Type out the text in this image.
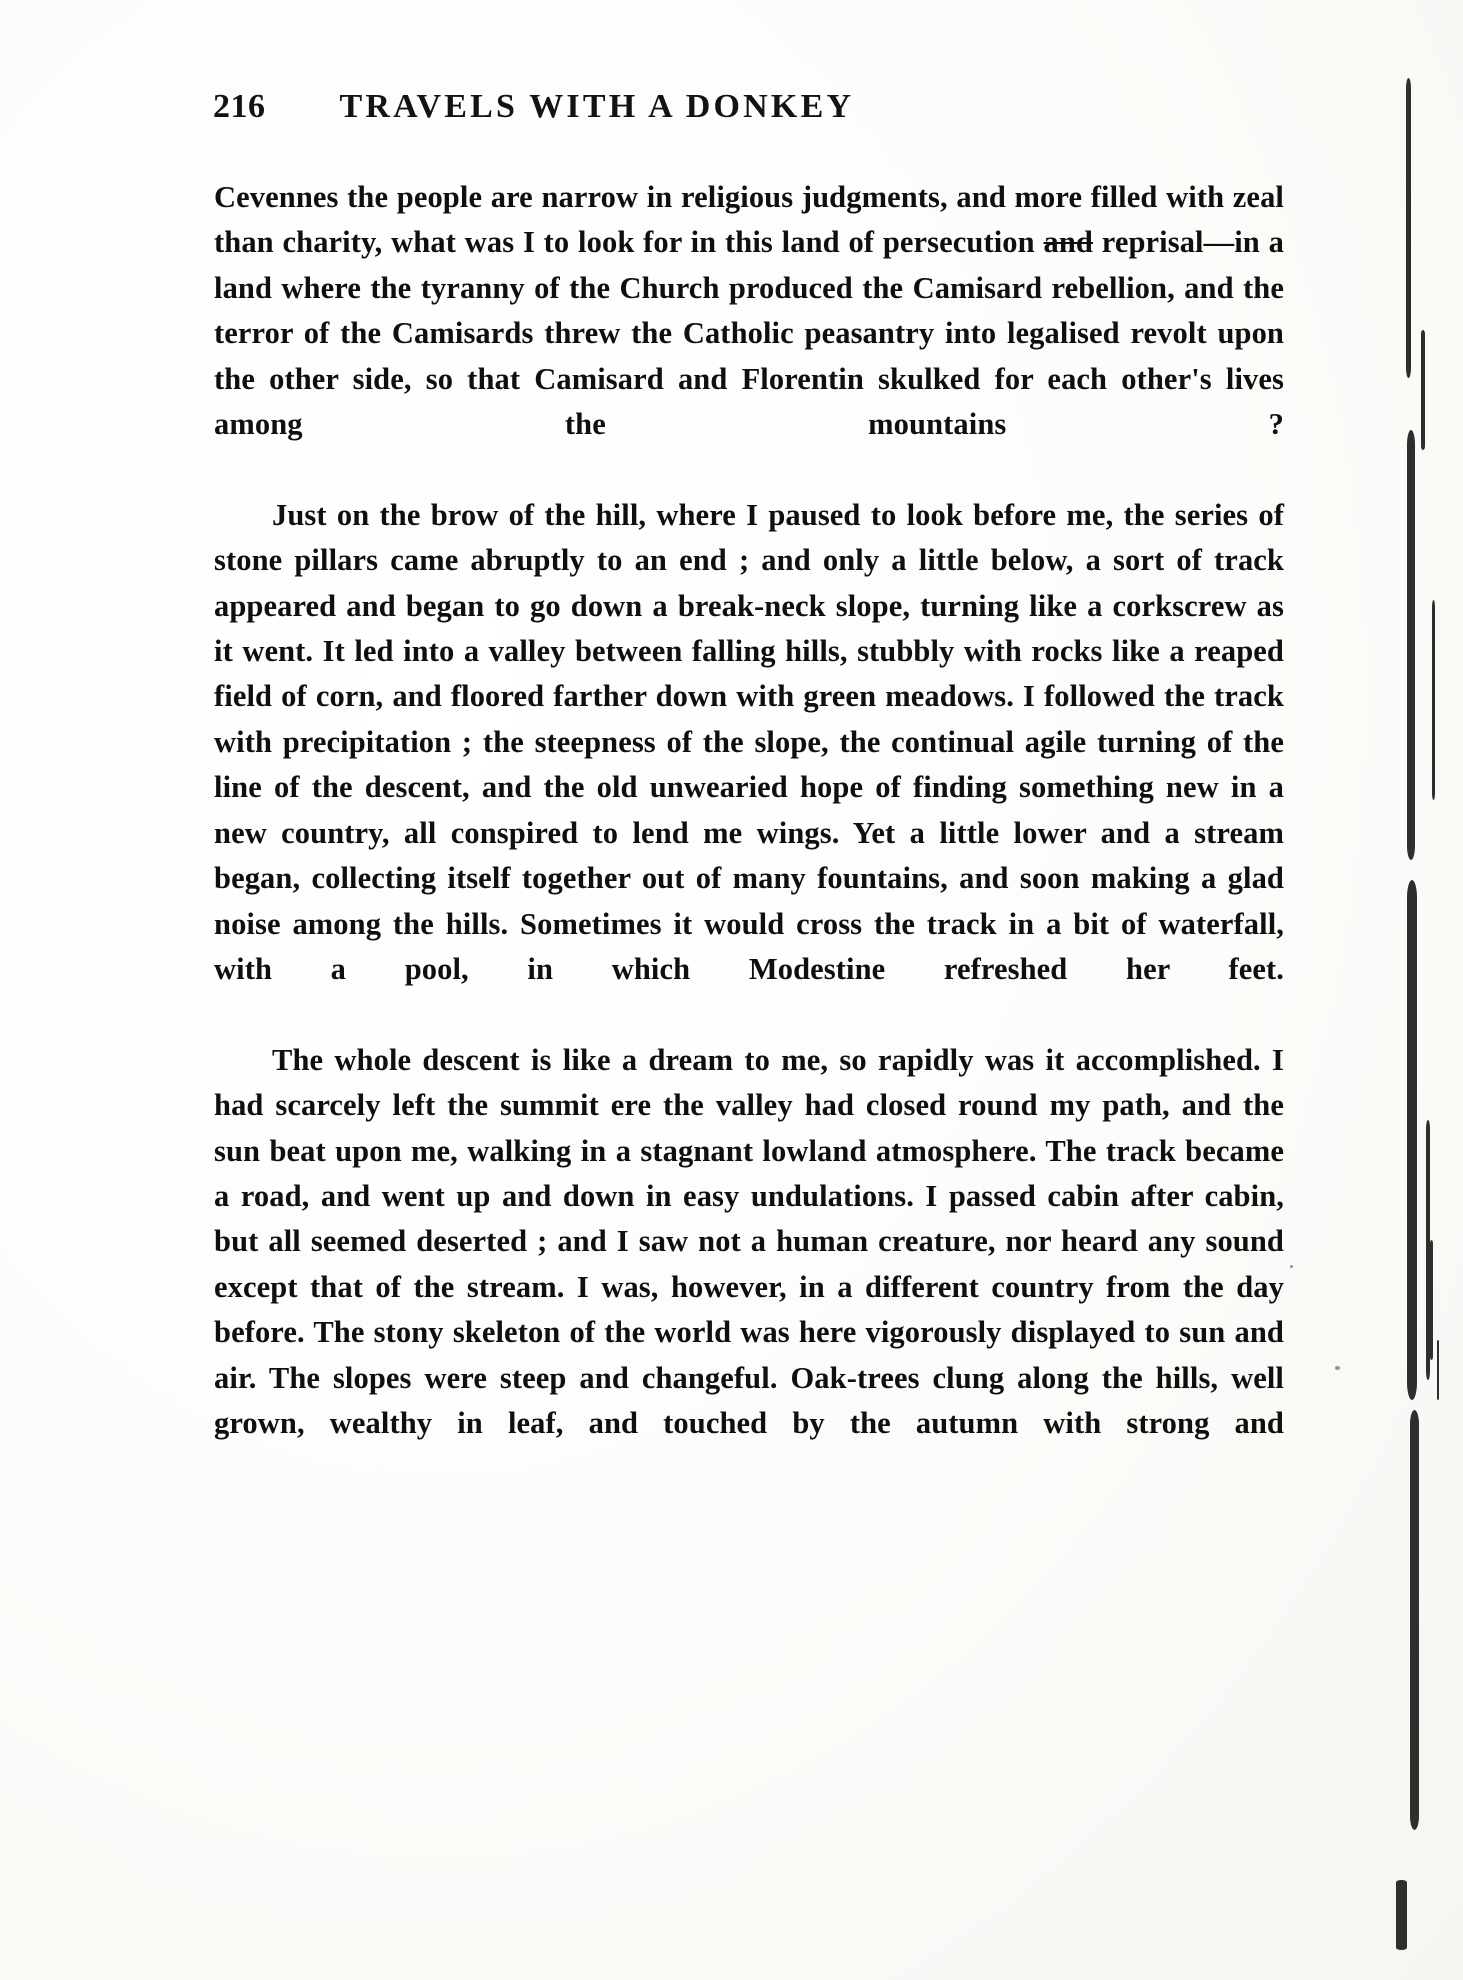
216 TRAVELS WITH A DONKEY

Cevennes the people are narrow in religious judgments, and more filled with zeal than charity, what was I to look for in this land of persecution and reprisal—in a land where the tyranny of the Church produced the Camisard rebellion, and the terror of the Camisards threw the Catholic peasantry into legalised revolt upon the other side, so that Camisard and Florentin skulked for each other's lives among the mountains ?

Just on the brow of the hill, where I paused to look before me, the series of stone pillars came abruptly to an end ; and only a little below, a sort of track appeared and began to go down a break-neck slope, turning like a corkscrew as it went. It led into a valley between falling hills, stubbly with rocks like a reaped field of corn, and floored farther down with green meadows. I followed the track with precipitation ; the steepness of the slope, the continual agile turning of the line of the descent, and the old unwearied hope of finding something new in a new country, all conspired to lend me wings. Yet a little lower and a stream began, collecting itself together out of many fountains, and soon making a glad noise among the hills. Sometimes it would cross the track in a bit of waterfall, with a pool, in which Modestine refreshed her feet.

The whole descent is like a dream to me, so rapidly was it accomplished. I had scarcely left the summit ere the valley had closed round my path, and the sun beat upon me, walking in a stagnant lowland atmosphere. The track became a road, and went up and down in easy undulations. I passed cabin after cabin, but all seemed deserted ; and I saw not a human creature, nor heard any sound except that of the stream. I was, however, in a different country from the day before. The stony skeleton of the world was here vigorously displayed to sun and air. The slopes were steep and changeful. Oak-trees clung along the hills, well grown, wealthy in leaf, and touched by the autumn with strong and
